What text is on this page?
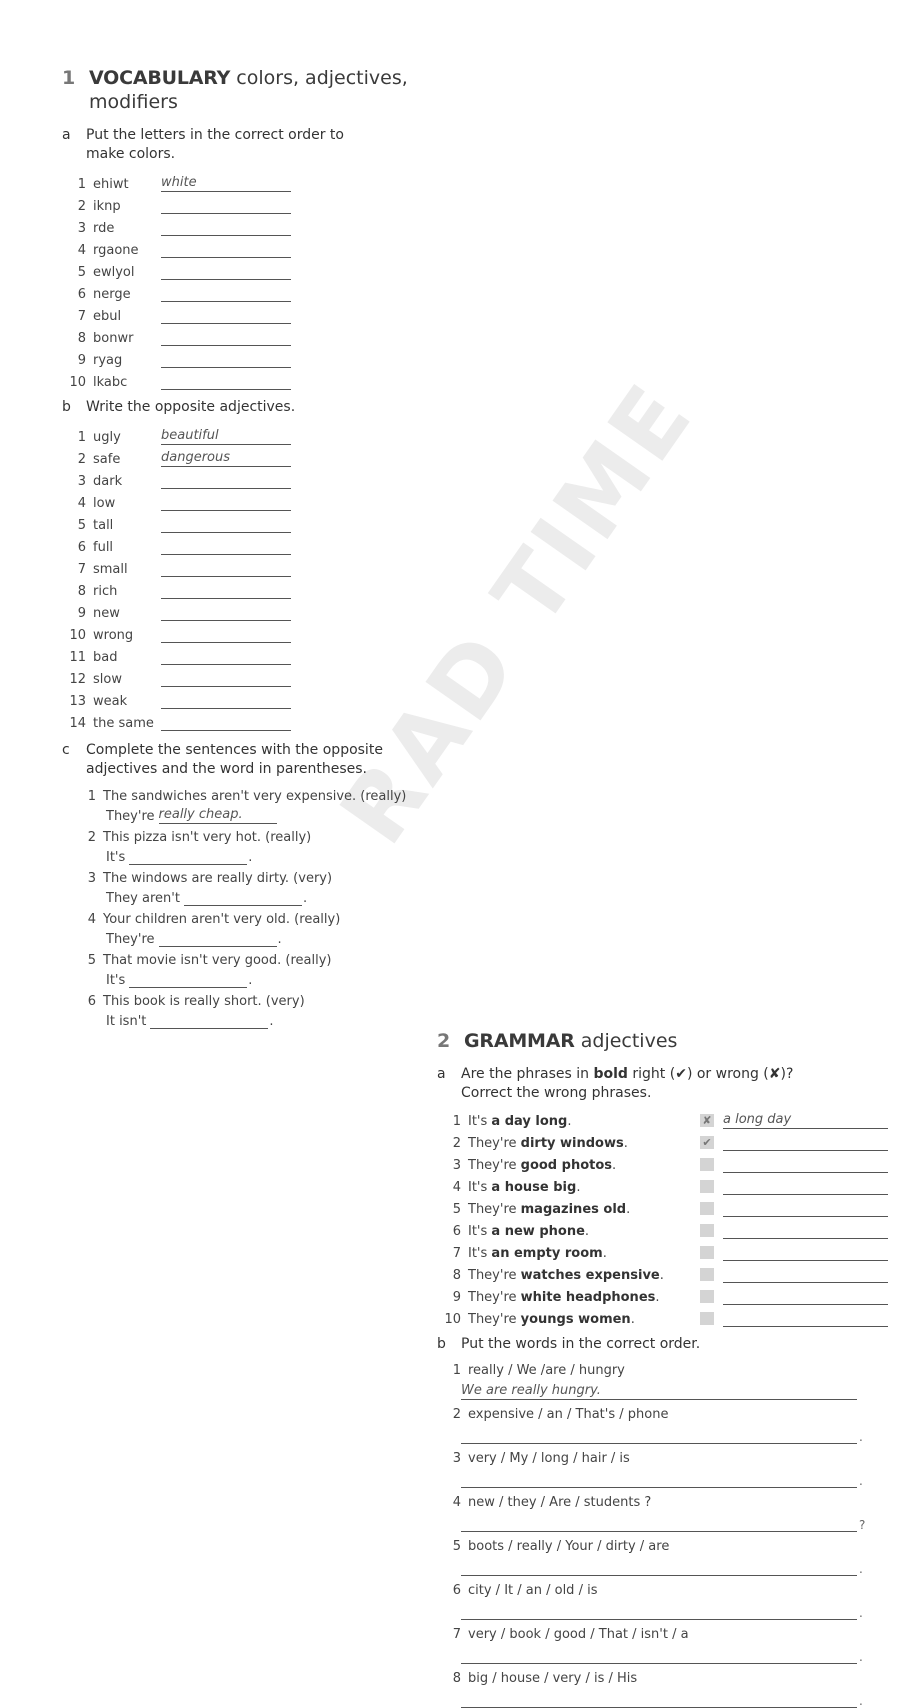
RAD TIME
1 VOCABULARY colors, adjectives, modifiers
a	Put the letters in the correct order to make colors.
1 ehiwt	white
2 iknp
3 rde
4 rgaone
5 ewlyol
6 nerge
7 ebul
8 bonwr
9 ryag
10 lkabc
b	Write the opposite adjectives.
1 ugly	beautiful
2 safe	dangerous
3 dark
4 low
5 tall
6 full
7 small
8 rich
9 new
10 wrong
11 bad
12 slow
13 weak
14 the same
c	Complete the sentences with the opposite adjectives and the word in parentheses.
1 The sandwiches aren't very expensive. (really)
They're really cheap.
2 This pizza isn't very hot. (really)
It's	.
3 The windows are really dirty. (very)
They aren't	.
4 Your children aren't very old. (really)
They're	.
5 That movie isn't very good. (really)
It's	.
6 This book is really short. (very)
It isn't	.
2 GRAMMAR adjectives
a	Are the phrases in bold right (✔) or wrong (✘)? Correct the wrong phrases.
1 It's a day long.	✘ a long day
2 They're dirty windows.	✔
3 They're good photos.
4 It's a house big.
5 They're magazines old.
6 It's a new phone.
7 It's an empty room.
8 They're watches expensive.
9 They're white headphones.
10 They're youngs women.
b	Put the words in the correct order.
1 really / We /are / hungry
We are really hungry.
2 expensive / an / That's / phone
.
3 very / My / long / hair / is
.
4 new / they / Are / students ?
?
5 boots / really / Your / dirty / are
.
6 city / It / an / old / is
.
7 very / book / good / That / isn't / a
.
8 big / house / very / is / His
.
